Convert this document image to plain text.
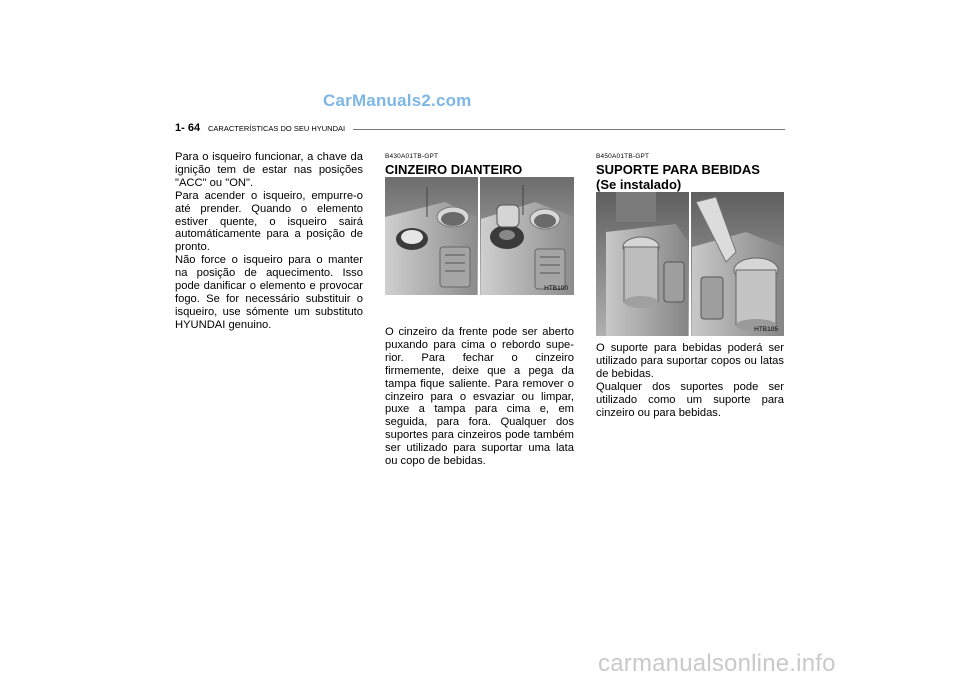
CarManuals2.com
carmanualsonline.info
1- 64 CARACTERÍSTICAS DO SEU HYUNDAI

Para o isqueiro funcionar, a chave da ignição tem de estar nas posições "ACC" ou "ON".

Para acender o isqueiro, empurre-o até prender. Quando o elemento estiver quente, o isqueiro sairá automáticamente para a posição de pronto.

Não force o isqueiro para o manter na posição de aquecimento. Isso pode danificar o elemento e provocar fogo. Se for necessário substituir o isqueiro, use sómente um substituto HYUNDAI genuino.

B430A01TB-GPT
CINZEIRO DIANTEIRO
HTB100

O cinzeiro da frente pode ser aberto puxando para cima o rebordo supe-rior. Para fechar o cinzeiro firmemente, deixe que a pega da tampa fique saliente. Para remover o cinzeiro para o esvaziar ou limpar, puxe a tampa para cima e, em seguida, para fora. Qualquer dos suportes para cinzeiros pode também ser utilizado para suportar uma lata ou copo de bebidas.

B450A01TB-GPT
SUPORTE PARA BEBIDAS
(Se instalado)
HTB105

O suporte para bebidas poderá ser utilizado para suportar copos ou latas de bebidas.

Qualquer dos suportes pode ser utilizado como um suporte para cinzeiro ou para bebidas.
